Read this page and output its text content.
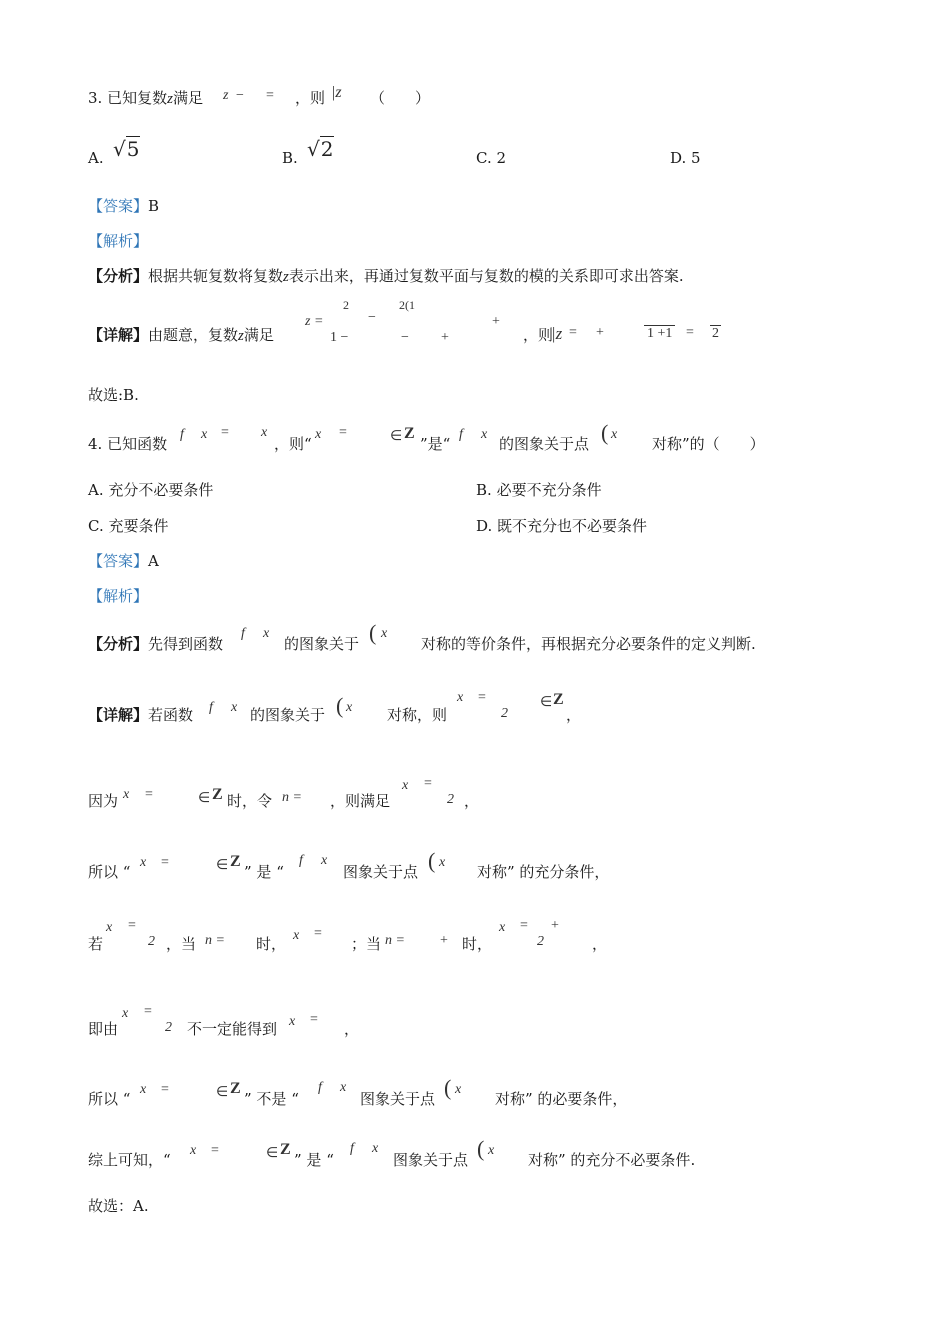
3. 已知复数z满足 z − = ，则 |z （　　）
A. √5	B. √2	C. 2	D. 5
【答案】B
【解析】
【分析】根据共轭复数将复数z表示出来，再通过复数平面与复数的模的关系即可求出答案.
【详解】由题意，复数z满足
z =
2
−
2(1
1 −	− +
+
，则
|z = +	1 +1 = 2
故选:B.
4. 已知函数
f x = x
，则“
x =	∈ Z
”是“
f x
的图象关于点 ( x
对称”的（　　）
A. 充分不必要条件	B. 必要不充分条件
C. 充要条件	D. 既不充分也不必要条件
【答案】A
【解析】
【分析】先得到函数
f x
的图象关于 ( x
对称的等价条件，再根据充分必要条件的定义判断.
【详解】若函数 f x 的图象关于 ( x 对称，则
x =
2
∈ Z
，
因为 x =	∈ Z 时，令 n = ，则满足
x =
2 ，
所以 “
x =	∈ Z
” 是 “
f x
图象关于点 ( x
对称” 的充分条件，
若
x =
2 ，当 n = 时， x =
；当 n =	+ 时，
x =
2
+
，
即由
x =
2 不一定能得到 x =
，
所以 “
x =	∈ Z
” 不是 “
f x
图象关于点 ( x
对称” 的必要条件，
综上可知，“
x =	∈ Z
” 是 “
f x
图象关于点 ( x
对称” 的充分不必要条件.
故选：A.
